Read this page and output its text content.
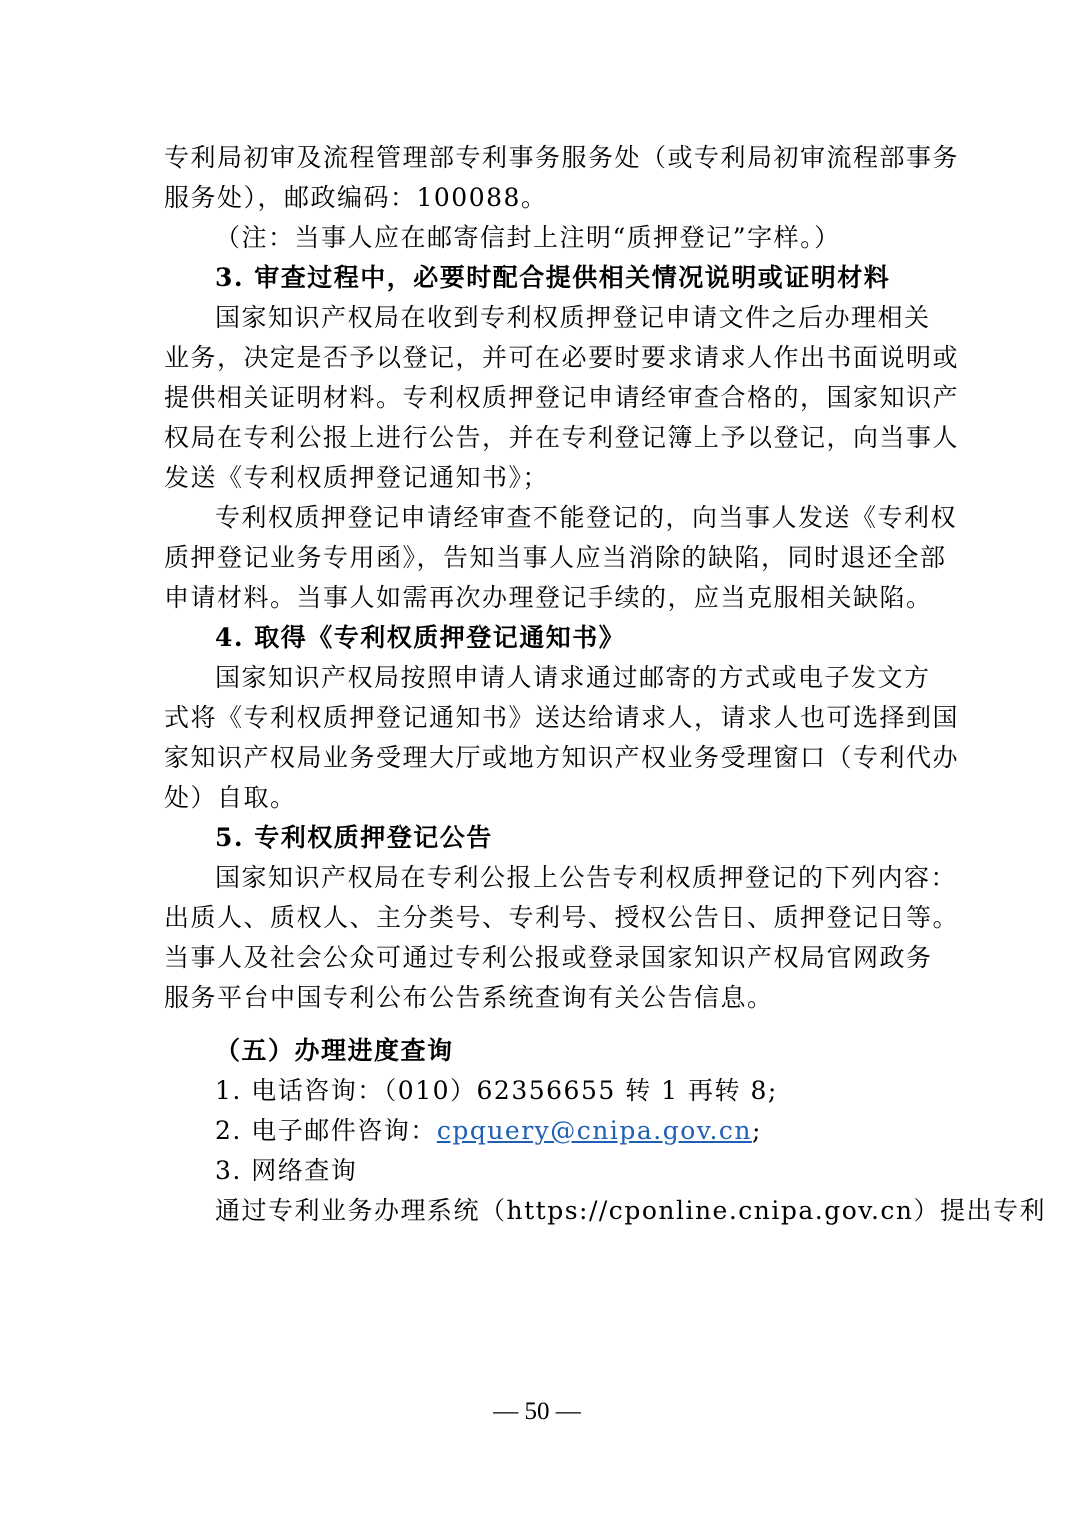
专利局初审及流程管理部专利事务服务处（或专利局初审流程部事务
服务处），邮政编码：100088。
（注：当事人应在邮寄信封上注明“质押登记”字样。）
3. 审查过程中，必要时配合提供相关情况说明或证明材料
国家知识产权局在收到专利权质押登记申请文件之后办理相关
业务，决定是否予以登记，并可在必要时要求请求人作出书面说明或
提供相关证明材料。专利权质押登记申请经审查合格的，国家知识产
权局在专利公报上进行公告，并在专利登记簿上予以登记，向当事人
发送《专利权质押登记通知书》；
专利权质押登记申请经审查不能登记的，向当事人发送《专利权
质押登记业务专用函》，告知当事人应当消除的缺陷，同时退还全部
申请材料。当事人如需再次办理登记手续的，应当克服相关缺陷。
4. 取得《专利权质押登记通知书》
国家知识产权局按照申请人请求通过邮寄的方式或电子发文方
式将《专利权质押登记通知书》送达给请求人，请求人也可选择到国
家知识产权局业务受理大厅或地方知识产权业务受理窗口（专利代办
处）自取。
5. 专利权质押登记公告
国家知识产权局在专利公报上公告专利权质押登记的下列内容：
出质人、质权人、主分类号、专利号、授权公告日、质押登记日等。
当事人及社会公众可通过专利公报或登录国家知识产权局官网政务
服务平台中国专利公布公告系统查询有关公告信息。
（五）办理进度查询
1. 电话咨询：（010）62356655 转 1 再转 8;
2. 电子邮件咨询：cpquery@cnipa.gov.cn;
3. 网络查询
通过专利业务办理系统（https://cponline.cnipa.gov.cn）提出专利
— 50 —
